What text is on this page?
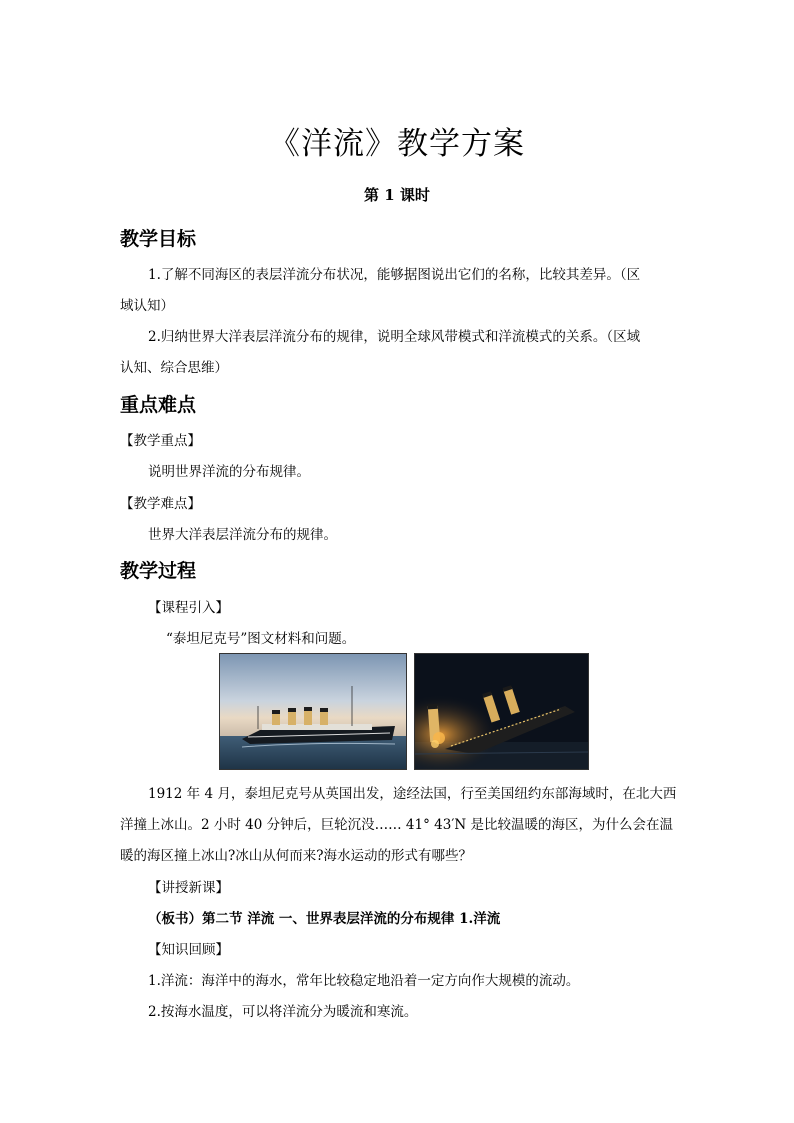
《洋流》教学方案
第 1 课时
教学目标
1.了解不同海区的表层洋流分布状况，能够据图说出它们的名称，比较其差异。（区
域认知）
2.归纳世界大洋表层洋流分布的规律，说明全球风带模式和洋流模式的关系。（区域
认知、综合思维）
重点难点
【教学重点】
说明世界洋流的分布规律。
【教学难点】
世界大洋表层洋流分布的规律。
教学过程
【课程引入】
“泰坦尼克号”图文材料和问题。
1912 年 4 月，泰坦尼克号从英国出发，途经法国，行至美国纽约东部海域时，在北大西
洋撞上冰山。2 小时 40 分钟后，巨轮沉没…… 41° 43′N 是比较温暖的海区，为什么会在温
暖的海区撞上冰山?冰山从何而来?海水运动的形式有哪些？
【讲授新课】
（板书）第二节 洋流 一、世界表层洋流的分布规律 1.洋流
【知识回顾】
1.洋流：海洋中的海水，常年比较稳定地沿着一定方向作大规模的流动。
2.按海水温度，可以将洋流分为暖流和寒流。
